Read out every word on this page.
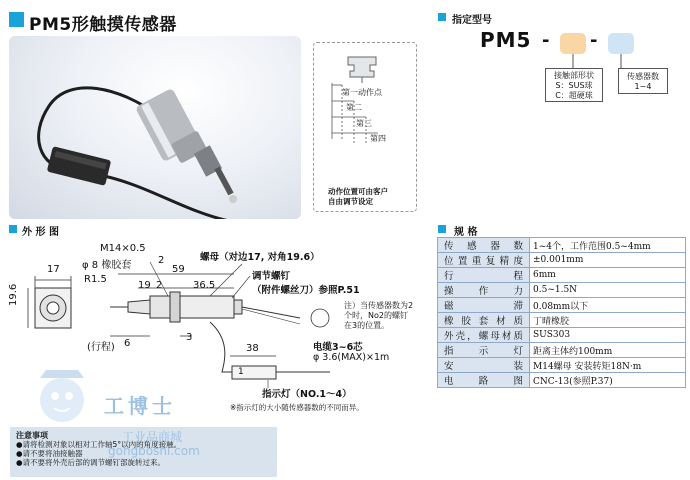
PM5形触摸传感器	指定型号
PM5 - -
接触部形状
S：SUS球
C：超硬球
传感器数
1~4
第一动作点
第二
第三
第四
动作位置可由客户
自由调节设定
外 形 图	规 格
M14×0.5
φ 8 橡胶套	2
59
17
19.6
R1.5
19 2	36.5
(行程) 6
3
38
螺母（对边17, 对角19.6）
调节螺钉
（附件螺丝刀）参照P.51
注）当传感器数为2
个时，No2的螺钉
在3的位置。
电缆3~6芯
φ 3.6(MAX)×1m
1
指示灯（NO.1～4）
※指示灯的大小随传感器数的不同而异。
传感器数	1~4个，工作范围0.5~4mm
位置重复精度	±0.001mm
行程	6mm
操作力	0.5~1.5N
磁滞	0.08mm以下
橡胶套材质	丁晴橡胶
外壳，螺母材质	SUS303
指示灯	距离主体约100mm
安装	M14螺母 安装转矩18N·m
电路图	CNC-13(参照P.37)
注意事项
●请将检测对象以相对工作轴5°以内的角度接触。
●请不要将油接触器
●请不要将外壳后部的调节螺钉部旋转过来。
工博士
工业品商城
gongboshi.com
